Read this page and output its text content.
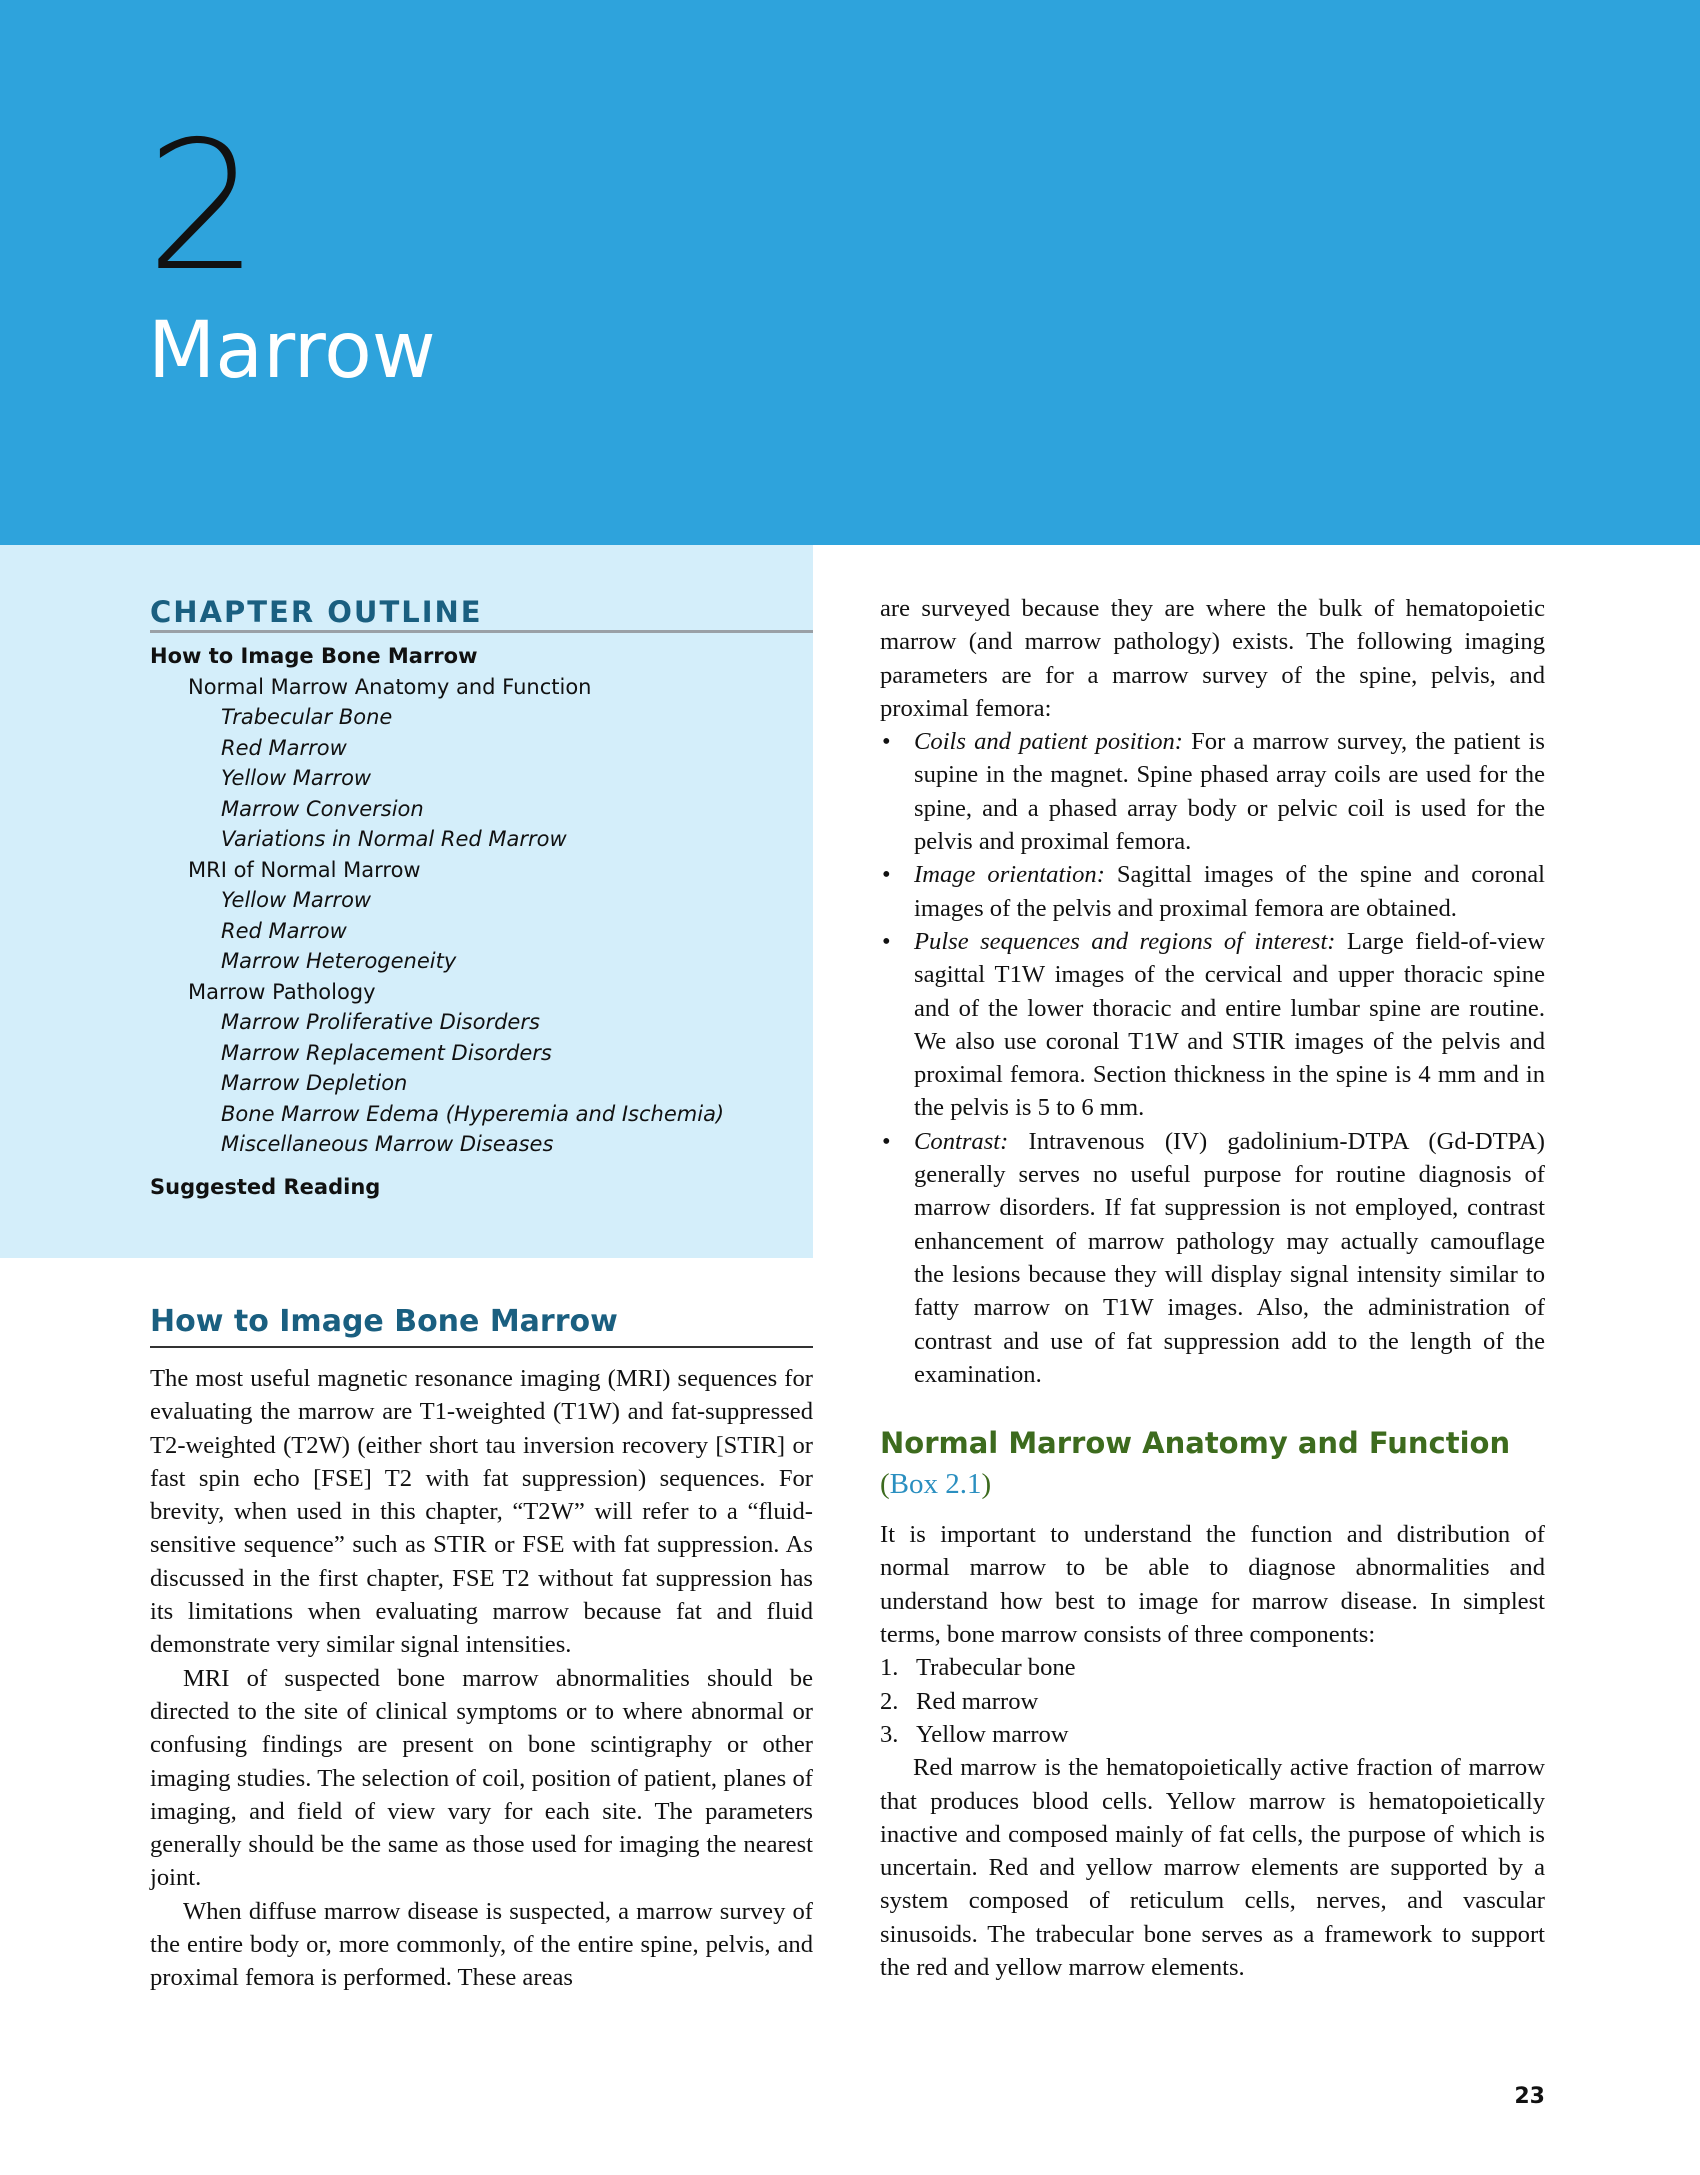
2
Marrow
CHAPTER OUTLINE
How to Image Bone Marrow
Normal Marrow Anatomy and Function
Trabecular Bone
Red Marrow
Yellow Marrow
Marrow Conversion
Variations in Normal Red Marrow
MRI of Normal Marrow
Yellow Marrow
Red Marrow
Marrow Heterogeneity
Marrow Pathology
Marrow Proliferative Disorders
Marrow Replacement Disorders
Marrow Depletion
Bone Marrow Edema (Hyperemia and Ischemia)
Miscellaneous Marrow Diseases
Suggested Reading
How to Image Bone Marrow

The most useful magnetic resonance imaging (MRI) sequences for evaluating the marrow are T1-weighted (T1W) and fat-suppressed T2-weighted (T2W) (either short tau inversion recovery [STIR] or fast spin echo [FSE] T2 with fat suppression) sequences. For brevity, when used in this chapter, “T2W” will refer to a “fluid-sensitive sequence” such as STIR or FSE with fat suppression. As discussed in the first chapter, FSE T2 without fat suppression has its limitations when evaluating marrow because fat and fluid demonstrate very similar signal intensities.

MRI of suspected bone marrow abnormalities should be directed to the site of clinical symptoms or to where abnormal or confusing findings are present on bone scintigraphy or other imaging studies. The selection of coil, position of patient, planes of imaging, and field of view vary for each site. The parameters generally should be the same as those used for imaging the nearest joint.

When diffuse marrow disease is suspected, a marrow survey of the entire body or, more commonly, of the entire spine, pelvis, and proximal femora is performed. These areas

are surveyed because they are where the bulk of hematopoietic marrow (and marrow pathology) exists. The following imaging parameters are for a marrow survey of the spine, pelvis, and proximal femora:

• Coils and patient position: For a marrow survey, the patient is supine in the magnet. Spine phased array coils are used for the spine, and a phased array body or pelvic coil is used for the pelvis and proximal femora.
• Image orientation: Sagittal images of the spine and coronal images of the pelvis and proximal femora are obtained.
• Pulse sequences and regions of interest: Large field-of-view sagittal T1W images of the cervical and upper thoracic spine and of the lower thoracic and entire lumbar spine are routine. We also use coronal T1W and STIR images of the pelvis and proximal femora. Section thickness in the spine is 4 mm and in the pelvis is 5 to 6 mm.
• Contrast: Intravenous (IV) gadolinium-DTPA (Gd-DTPA) generally serves no useful purpose for routine diagnosis of marrow disorders. If fat suppression is not employed, contrast enhancement of marrow pathology may actually camouflage the lesions because they will display signal intensity similar to fatty marrow on T1W images. Also, the administration of contrast and use of fat suppression add to the length of the examination.
Normal Marrow Anatomy and Function
(Box 2.1)

It is important to understand the function and distribution of normal marrow to be able to diagnose abnormalities and understand how best to image for marrow disease. In simplest terms, bone marrow consists of three components:

1. Trabecular bone
2. Red marrow
3. Yellow marrow

Red marrow is the hematopoietically active fraction of marrow that produces blood cells. Yellow marrow is hematopoietically inactive and composed mainly of fat cells, the purpose of which is uncertain. Red and yellow marrow elements are supported by a system composed of reticulum cells, nerves, and vascular sinusoids. The trabecular bone serves as a framework to support the red and yellow marrow elements.

23
